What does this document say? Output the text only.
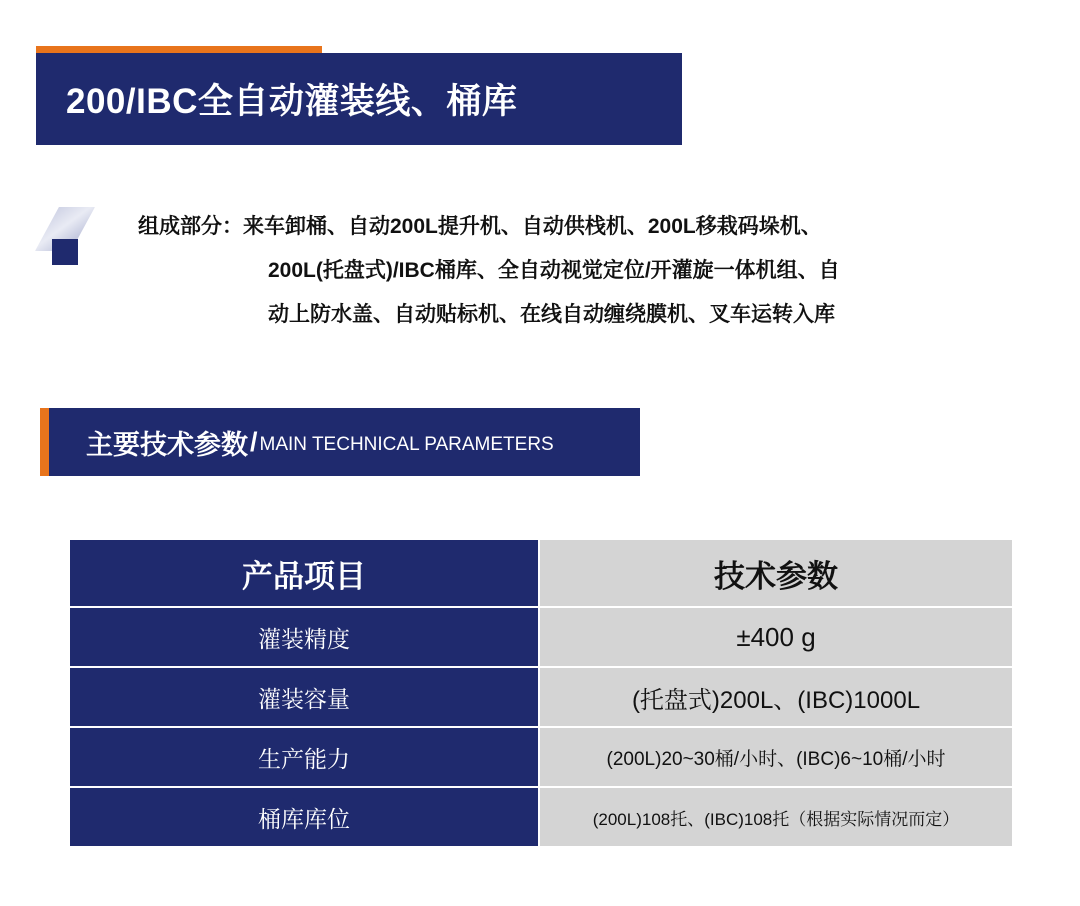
200/IBC全自动灌装线、桶库
组成部分：来车卸桶、自动200L提升机、自动供栈机、200L移栽码垛机、
200L(托盘式)/IBC桶库、全自动视觉定位/开灌旋一体机组、自
动上防水盖、自动贴标机、在线自动缠绕膜机、叉车运转入库
主要技术参数 / MAIN TECHNICAL PARAMETERS
产品项目	技术参数
灌装精度	±400 g
灌装容量	(托盘式)200L、(IBC)1000L
生产能力	(200L)20~30桶/小时、(IBC)6~10桶/小时
桶库库位	(200L)108托、(IBC)108托（根据实际情况而定）
